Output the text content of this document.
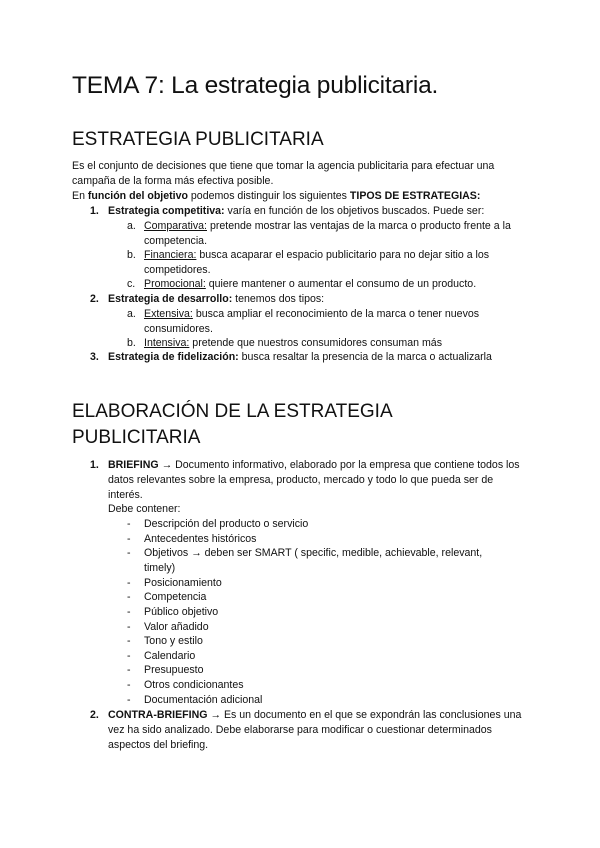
TEMA 7: La estrategia publicitaria.
ESTRATEGIA PUBLICITARIA
Es el conjunto de decisiones que tiene que tomar la agencia publicitaria para efectuar una campaña de la forma más efectiva posible.
En función del objetivo podemos distinguir los siguientes TIPOS DE ESTRATEGIAS:
1. Estrategia competitiva: varía en función de los objetivos buscados. Puede ser:
a. Comparativa: pretende mostrar las ventajas de la marca o producto frente a la competencia.
b. Financiera: busca acaparar el espacio publicitario para no dejar sitio a los competidores.
c. Promocional: quiere mantener o aumentar el consumo de un producto.
2. Estrategia de desarrollo: tenemos dos tipos:
a. Extensiva: busca ampliar el reconocimiento de la marca o tener nuevos consumidores.
b. Intensiva: pretende que nuestros consumidores consuman más
3. Estrategia de fidelización: busca resaltar la presencia de la marca o actualizarla
ELABORACIÓN DE LA ESTRATEGIA
PUBLICITARIA
1. BRIEFING → Documento informativo, elaborado por la empresa que contiene todos los datos relevantes sobre la empresa, producto, mercado y todo lo que pueda ser de interés.
Debe contener:
- Descripción del producto o servicio
- Antecedentes históricos
- Objetivos → deben ser SMART ( specific, medible, achievable, relevant, timely)
- Posicionamiento
- Competencia
- Público objetivo
- Valor añadido
- Tono y estilo
- Calendario
- Presupuesto
- Otros condicionantes
- Documentación adicional
2. CONTRA-BRIEFING → Es un documento en el que se expondrán las conclusiones una vez ha sido analizado. Debe elaborarse para modificar o cuestionar determinados aspectos del briefing.
